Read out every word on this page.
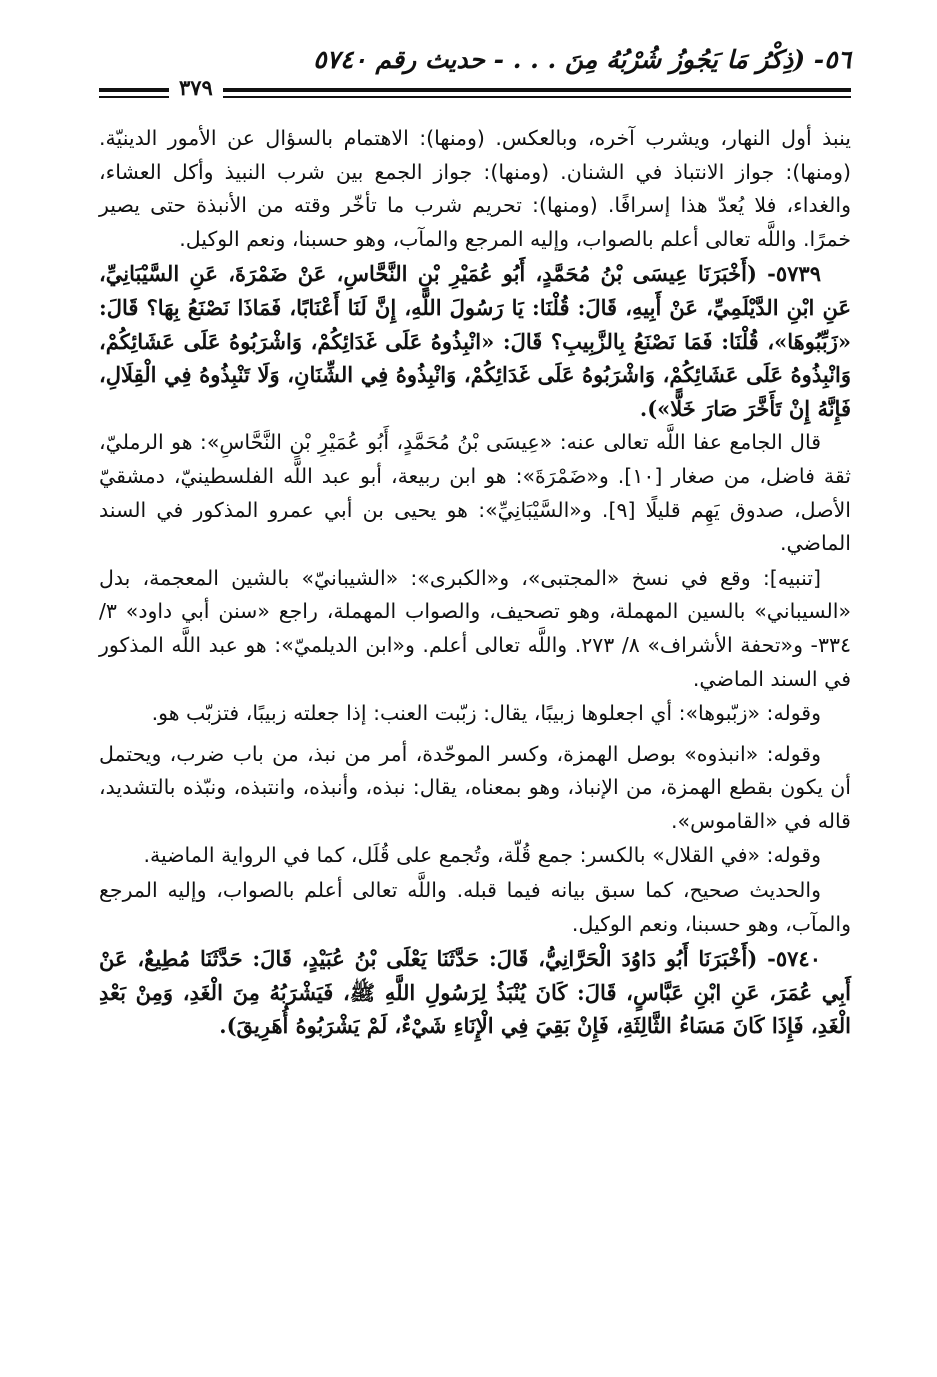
٥٦- (ذِكْرُ مَا يَجُوزُ شُرْبُهُ مِنَ . . . - حديث رقم ٥٧٤٠
٣٧٩

ينبذ أول النهار، ويشرب آخره، وبالعكس. (ومنها): الاهتمام بالسؤال عن الأمور الدينيّة. (ومنها): جواز الانتباذ في الشنان. (ومنها): جواز الجمع بين شرب النبيذ وأكل العشاء، والغداء، فلا يُعدّ هذا إسرافًا. (ومنها): تحريم شرب ما تأخّر وقته من الأنبذة حتى يصير خمرًا. واللَّه تعالى أعلم بالصواب، وإليه المرجع والمآب، وهو حسبنا، ونعم الوكيل.

٥٧٣٩- (أَخْبَرَنَا عِيسَى بْنُ مُحَمَّدٍ، أَبُو عُمَيْرِ بْنِ النَّحَّاسِ، عَنْ ضَمْرَةَ، عَنِ السَّيْبَانِيِّ، عَنِ ابْنِ الدَّيْلَمِيِّ، عَنْ أَبِيهِ، قَالَ: قُلْنَا: يَا رَسُولَ اللَّهِ، إِنَّ لَنَا أَعْنَابًا، فَمَاذَا نَصْنَعُ بِهَا؟ قَالَ: «زَبِّبُوهَا»، قُلْنَا: فَمَا نَصْنَعُ بِالزَّبِيبِ؟ قَالَ: «انْبِذُوهُ عَلَى غَدَائِكُمْ، وَاشْرَبُوهُ عَلَى عَشَائِكُمْ، وَانْبِذُوهُ عَلَى عَشَائِكُمْ، وَاشْرَبُوهُ عَلَى غَدَائِكُمْ، وَانْبِذُوهُ فِي الشِّنَانِ، وَلَا تَنْبِذُوهُ فِي الْقِلَالِ، فَإِنَّهُ إِنْ تَأَخَّرَ صَارَ خَلًّا»).

قال الجامع عفا اللَّه تعالى عنه: «عِيسَى بْنُ مُحَمَّدٍ، أَبُو عُمَيْرِ بْنِ النَّحَّاسِ»: هو الرمليّ، ثقة فاضل، من صغار [١٠]. و«ضَمْرَةَ»: هو ابن ربيعة، أبو عبد اللَّه الفلسطينيّ، دمشقيّ الأصل، صدوق يَهِم قليلًا [٩]. و«السَّيْبَانِيِّ»: هو يحيى بن أبي عمرو المذكور في السند الماضي.

[تنبيه]: وقع في نسخ «المجتبى»، و«الكبرى»: «الشيبانيّ» بالشين المعجمة، بدل «السيباني» بالسين المهملة، وهو تصحيف، والصواب المهملة، راجع «سنن أبي داود» ٣/ ٣٣٤- و«تحفة الأشراف» ٨/ ٢٧٣. واللَّه تعالى أعلم. و«ابن الديلميّ»: هو عبد اللَّه المذكور في السند الماضي.

وقوله: «زبّبوها»: أي اجعلوها زبيبًا، يقال: زبّبت العنب: إذا جعلته زبيبًا، فتزبّب هو.

وقوله: «انبذوه» بوصل الهمزة، وكسر الموحّدة، أمر من نبذ، من باب ضرب، ويحتمل أن يكون بقطع الهمزة، من الإنباذ، وهو بمعناه، يقال: نبذه، وأنبذه، وانتبذه، ونبّذه بالتشديد، قاله في «القاموس».

وقوله: «في القلال» بالكسر: جمع قُلّة، وتُجمع على قُلَل، كما في الرواية الماضية.

والحديث صحيح، كما سبق بيانه فيما قبله. واللَّه تعالى أعلم بالصواب، وإليه المرجع والمآب، وهو حسبنا، ونعم الوكيل.

٥٧٤٠- (أَخْبَرَنَا أَبُو دَاوُدَ الْحَرَّانِيُّ، قَالَ: حَدَّثَنَا يَعْلَى بْنُ عُبَيْدٍ، قَالَ: حَدَّثَنَا مُطِيعٌ، عَنْ أَبِي عُمَرَ، عَنِ ابْنِ عَبَّاسٍ، قَالَ: كَانَ يُنْبَذُ لِرَسُولِ اللَّهِ ﷺ، فَيَشْرَبُهُ مِنَ الْغَدِ، وَمِنْ بَعْدِ الْغَدِ، فَإِذَا كَانَ مَسَاءُ الثَّالِثَةِ، فَإِنْ بَقِيَ فِي الْإِنَاءِ شَيْءٌ، لَمْ يَشْرَبُوهُ أُهَرِيقَ).
